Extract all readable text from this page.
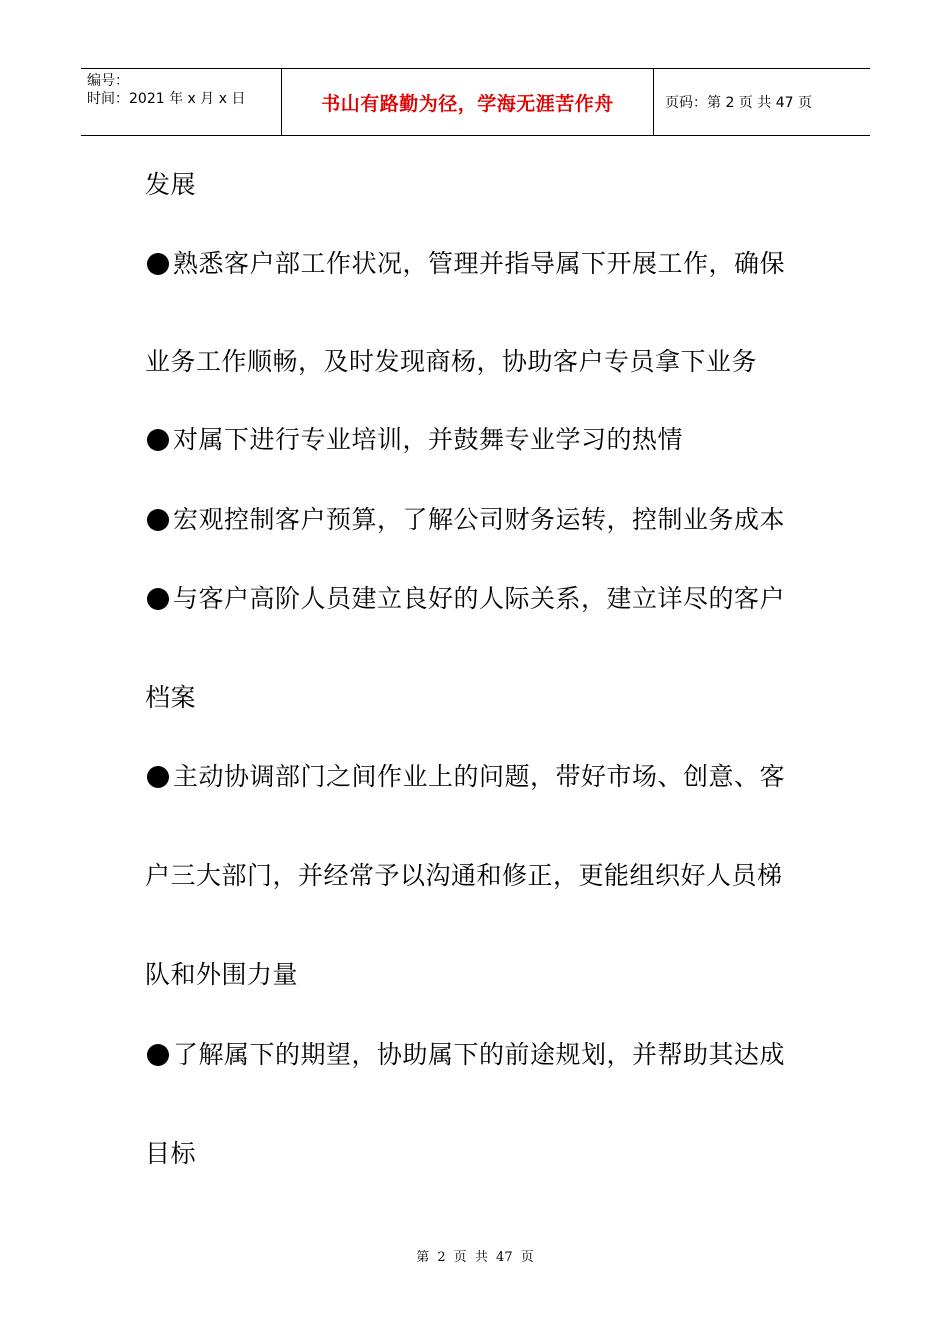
编号：
时间：2021 年 x 月 x 日	书山有路勤为径，学海无涯苦作舟	页码：第 2 页 共 47 页
发展
熟悉客户部工作状况，管理并指导属下开展工作，确保
业务工作顺畅，及时发现商杨，协助客户专员拿下业务
对属下进行专业培训，并鼓舞专业学习的热情
宏观控制客户预算，了解公司财务运转，控制业务成本
与客户高阶人员建立良好的人际关系，建立详尽的客户
档案
主动协调部门之间作业上的问题，带好市场、创意、客
户三大部门，并经常予以沟通和修正，更能组织好人员梯
队和外围力量
了解属下的期望，协助属下的前途规划，并帮助其达成
目标
第 2 页 共 47 页
